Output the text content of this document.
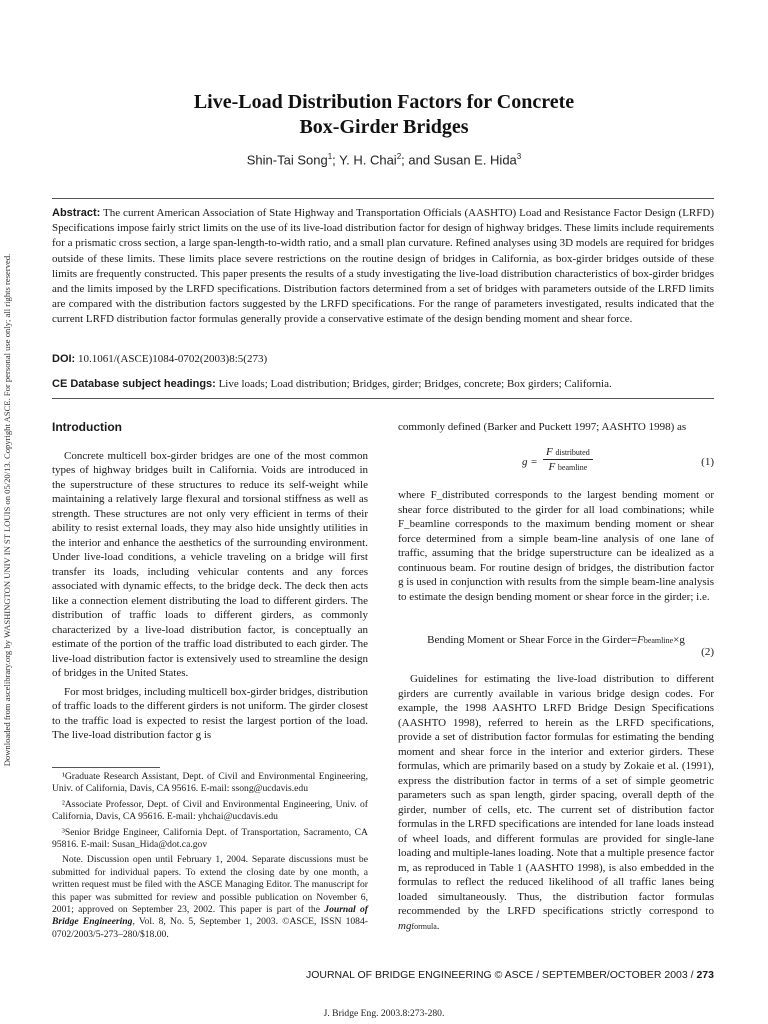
Downloaded from ascelibrary.org by WASHINGTON UNIV IN ST LOUIS on 05/20/13. Copyright ASCE. For personal use only; all rights reserved.
Live-Load Distribution Factors for Concrete
Box-Girder Bridges
Shin-Tai Song$^1$; Y. H. Chai$^2$; and Susan E. Hida$^3$
Abstract: The current American Association of State Highway and Transportation Officials (AASHTO) Load and Resistance Factor Design (LRFD) Specifications impose fairly strict limits on the use of its live-load distribution factor for design of highway bridges. These limits include requirements for a prismatic cross section, a large span-length-to-width ratio, and a small plan curvature. Refined analyses using 3D models are required for bridges outside of these limits. These limits place severe restrictions on the routine design of bridges in California, as box-girder bridges outside of these limits are frequently constructed. This paper presents the results of a study investigating the live-load distribution characteristics of box-girder bridges and the limits imposed by the LRFD specifications. Distribution factors determined from a set of bridges with parameters outside of the LRFD limits are compared with the distribution factors suggested by the LRFD specifications. For the range of parameters investigated, results indicated that the current LRFD distribution factor formulas generally provide a conservative estimate of the design bending moment and shear force.
DOI: 10.1061/(ASCE)1084-0702(2003)8:5(273)
CE Database subject headings: Live loads; Load distribution; Bridges, girder; Bridges, concrete; Box girders; California.
Introduction

Concrete multicell box-girder bridges are one of the most common types of highway bridges built in California. Voids are introduced in the superstructure of these structures to reduce its self-weight while maintaining a relatively large flexural and torsional stiffness as well as strength. These structures are not only very efficient in terms of their ability to resist external loads, they may also hide unsightly utilities in the interior and enhance the aesthetics of the surrounding environment. Under live-load conditions, a vehicle traveling on a bridge will first transfer its loads, including vehicular contents and any forces associated with dynamic effects, to the bridge deck. The deck then acts like a connection element distributing the load to different girders. The distribution of traffic loads to different girders, as commonly characterized by a live-load distribution factor, is conceptually an estimate of the portion of the traffic load distributed to each girder. The live-load distribution factor is extensively used to streamline the design of bridges in the United States.

For most bridges, including multicell box-girder bridges, distribution of traffic loads to the different girders is not uniform. The girder closest to the traffic load is expected to resist the largest portion of the load. The live-load distribution factor g is

¹Graduate Research Assistant, Dept. of Civil and Environmental Engineering, Univ. of California, Davis, CA 95616. E-mail: ssong@ucdavis.edu

²Associate Professor, Dept. of Civil and Environmental Engineering, Univ. of California, Davis, CA 95616. E-mail: yhchai@ucdavis.edu

³Senior Bridge Engineer, California Dept. of Transportation, Sacramento, CA 95816. E-mail: Susan_Hida@dot.ca.gov

Note. Discussion open until February 1, 2004. Separate discussions must be submitted for individual papers. To extend the closing date by one month, a written request must be filed with the ASCE Managing Editor. The manuscript for this paper was submitted for review and possible publication on November 6, 2001; approved on September 23, 2002. This paper is part of the Journal of Bridge Engineering, Vol. 8, No. 5, September 1, 2003. ©ASCE, ISSN 1084-0702/2003/5-273–280/$18.00.

commonly defined (Barker and Puckett 1997; AASHTO 1998) as

g =
F distributed
F beamline	(1)

where F_distributed corresponds to the largest bending moment or shear force distributed to the girder for all load combinations; while F_beamline corresponds to the maximum bending moment or shear force determined from a simple beam-line analysis of one lane of traffic, assuming that the bridge superstructure can be idealized as a continuous beam. For routine design of bridges, the distribution factor g is used in conjunction with results from the simple beam-line analysis to estimate the design bending moment or shear force in the girder; i.e.

Bending Moment or Shear Force in the Girder=Fbeamline×g
(2)

Guidelines for estimating the live-load distribution to different girders are currently available in various bridge design codes. For example, the 1998 AASHTO LRFD Bridge Design Specifications (AASHTO 1998), referred to herein as the LRFD specifications, provide a set of distribution factor formulas for estimating the bending moment and shear force in the interior and exterior girders. These formulas, which are primarily based on a study by Zokaie et al. (1991), express the distribution factor in terms of a set of simple geometric parameters such as span length, girder spacing, overall depth of the girder, number of cells, etc. The current set of distribution factor formulas in the LRFD specifications are intended for lane loads instead of wheel loads, and different formulas are provided for single-lane loading and multiple-lanes loading. Note that a multiple presence factor m, as reproduced in Table 1 (AASHTO 1998), is also embedded in the formulas to reflect the reduced likelihood of all traffic lanes being loaded simultaneously. Thus, the distribution factor formulas recommended by the LRFD specifications strictly correspond to mgformula.

JOURNAL OF BRIDGE ENGINEERING © ASCE / SEPTEMBER/OCTOBER 2003 / 273
J. Bridge Eng. 2003.8:273-280.
